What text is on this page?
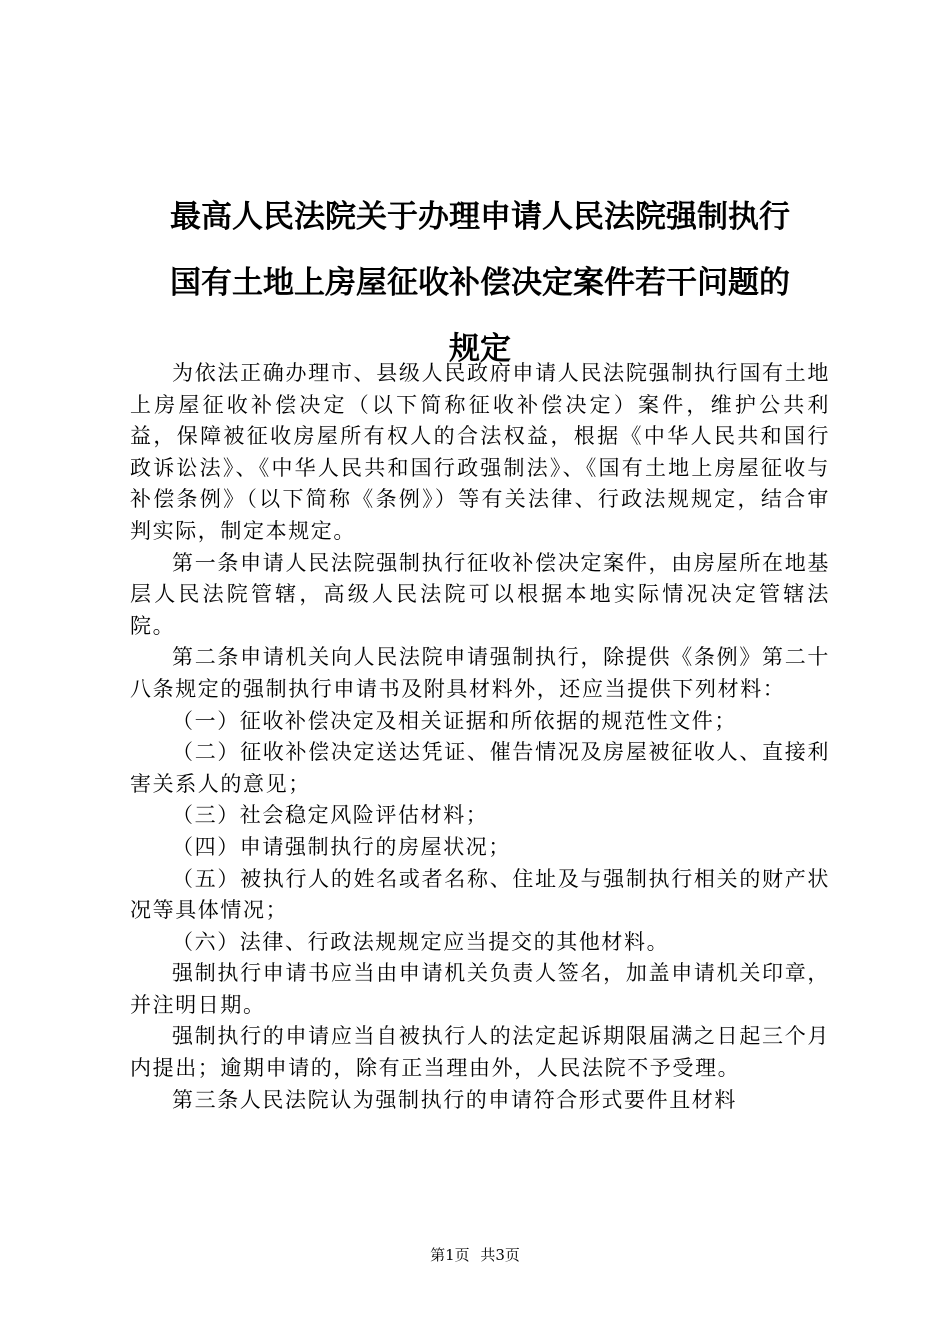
最高人民法院关于办理申请人民法院强制执行
国有土地上房屋征收补偿决定案件若干问题的
规定

为依法正确办理市、县级人民政府申请人民法院强制执行国有土地上房屋征收补偿决定（以下简称征收补偿决定）案件，维护公共利益，保障被征收房屋所有权人的合法权益，根据《中华人民共和国行政诉讼法》、《中华人民共和国行政强制法》、《国有土地上房屋征收与补偿条例》（以下简称《条例》）等有关法律、行政法规规定，结合审判实际，制定本规定。

第一条申请人民法院强制执行征收补偿决定案件，由房屋所在地基层人民法院管辖，高级人民法院可以根据本地实际情况决定管辖法院。

第二条申请机关向人民法院申请强制执行，除提供《条例》第二十八条规定的强制执行申请书及附具材料外，还应当提供下列材料：

（一）征收补偿决定及相关证据和所依据的规范性文件；

（二）征收补偿决定送达凭证、催告情况及房屋被征收人、直接利害关系人的意见；

（三）社会稳定风险评估材料；

（四）申请强制执行的房屋状况；

（五）被执行人的姓名或者名称、住址及与强制执行相关的财产状况等具体情况；

（六）法律、行政法规规定应当提交的其他材料。

强制执行申请书应当由申请机关负责人签名，加盖申请机关印章，并注明日期。

强制执行的申请应当自被执行人的法定起诉期限届满之日起三个月内提出；逾期申请的，除有正当理由外，人民法院不予受理。

第三条人民法院认为强制执行的申请符合形式要件且材料

第1页 共3页
